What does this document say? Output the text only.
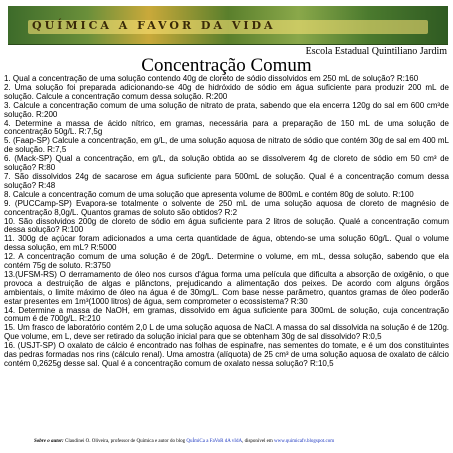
QUÍMICA A FAVOR DA VIDA
Escola Estadual Quintiliano Jardim
Concentração Comum
1. Qual a concentração de uma solução contendo 40g de cloreto de sódio dissolvidos em 250 mL de solução? R:160
2. Uma solução foi preparada adicionando-se 40g de hidróxido de sódio em água suficiente para produzir 200 mL de solução. Calcule a concentração comum dessa solução. R:200
3. Calcule a concentração comum de uma solução de nitrato de prata, sabendo que ela encerra 120g do sal em 600 cm³de solução. R:200
4. Determine a massa de ácido nítrico, em gramas, necessária para a preparação de 150 mL de uma solução de concentração 50g/L. R:7,5g
5. (Faap-SP) Calcule a concentração, em g/L, de uma solução aquosa de nitrato de sódio que contém 30g de sal em 400 mL de solução. R:7,5
6. (Mack-SP) Qual a concentração, em g/L, da solução obtida ao se dissolverem 4g de cloreto de sódio em 50 cm³ de solução? R:80
7. São dissolvidos 24g de sacarose em água suficiente para 500mL de solução. Qual é a concentração comum dessa solução? R:48
8. Calcule a concentração comum de uma solução que apresenta volume de 800mL e contém 80g de soluto. R:100
9. (PUCCamp-SP) Evapora-se totalmente o solvente de 250 mL de uma solução aquosa de cloreto de magnésio de concentração 8,0g/L. Quantos gramas de soluto são obtidos? R:2
10. São dissolvidos 200g de cloreto de sódio em água suficiente para 2 litros de solução. Qualé a concentração comum dessa solução? R:100
11. 300g de açúcar foram adicionados a uma certa quantidade de água, obtendo-se uma solução 60g/L. Qual o volume dessa solução, em mL? R:5000
12. A concentração comum de uma solução é de 20g/L. Determine o volume, em mL, dessa solução, sabendo que ela contém 75g de soluto. R:3750
13.(UFSM-RS) O derramamento de óleo nos cursos d'água forma uma película que dificulta a absorção de oxigênio, o que provoca a destruição de algas e plânctons, prejudicando a alimentação dos peixes. De acordo com alguns órgãos ambientais, o limite máximo de óleo na água é de 30mg/L. Com base nesse parâmetro, quantos gramas de óleo poderão estar presentes em 1m³(1000 litros) de água, sem comprometer o ecossistema? R:30
14. Determine a massa de NaOH, em gramas, dissolvido em água suficiente para 300mL de solução, cuja concentração comum é de 700g/L. R:210
15. Um frasco de laboratório contém 2,0 L de uma solução aquosa de NaCl. A massa do sal dissolvida na solução é de 120g. Que volume, em L, deve ser retirado da solução inicial para que se obtenham 30g de sal dissolvido? R:0,5
16. (USJT-SP) O oxalato de cálcio é encontrado nas folhas de espinafre, nas sementes do tomate, e é um dos constituintes das pedras formadas nos rins (cálculo renal). Uma amostra (alíquota) de 25 cm³ de uma solução aquosa de oxalato de cálcio contém 0,2625g desse sal. Qual é a concentração comum de oxalato nessa solução? R:10,5
Sobre o autor: Claudinei O. Oliveira, professor de Química e autor do blog QuÍmiCa a FaVoR dA vIdA, disponível em www.quimicafv.blogspot.com
